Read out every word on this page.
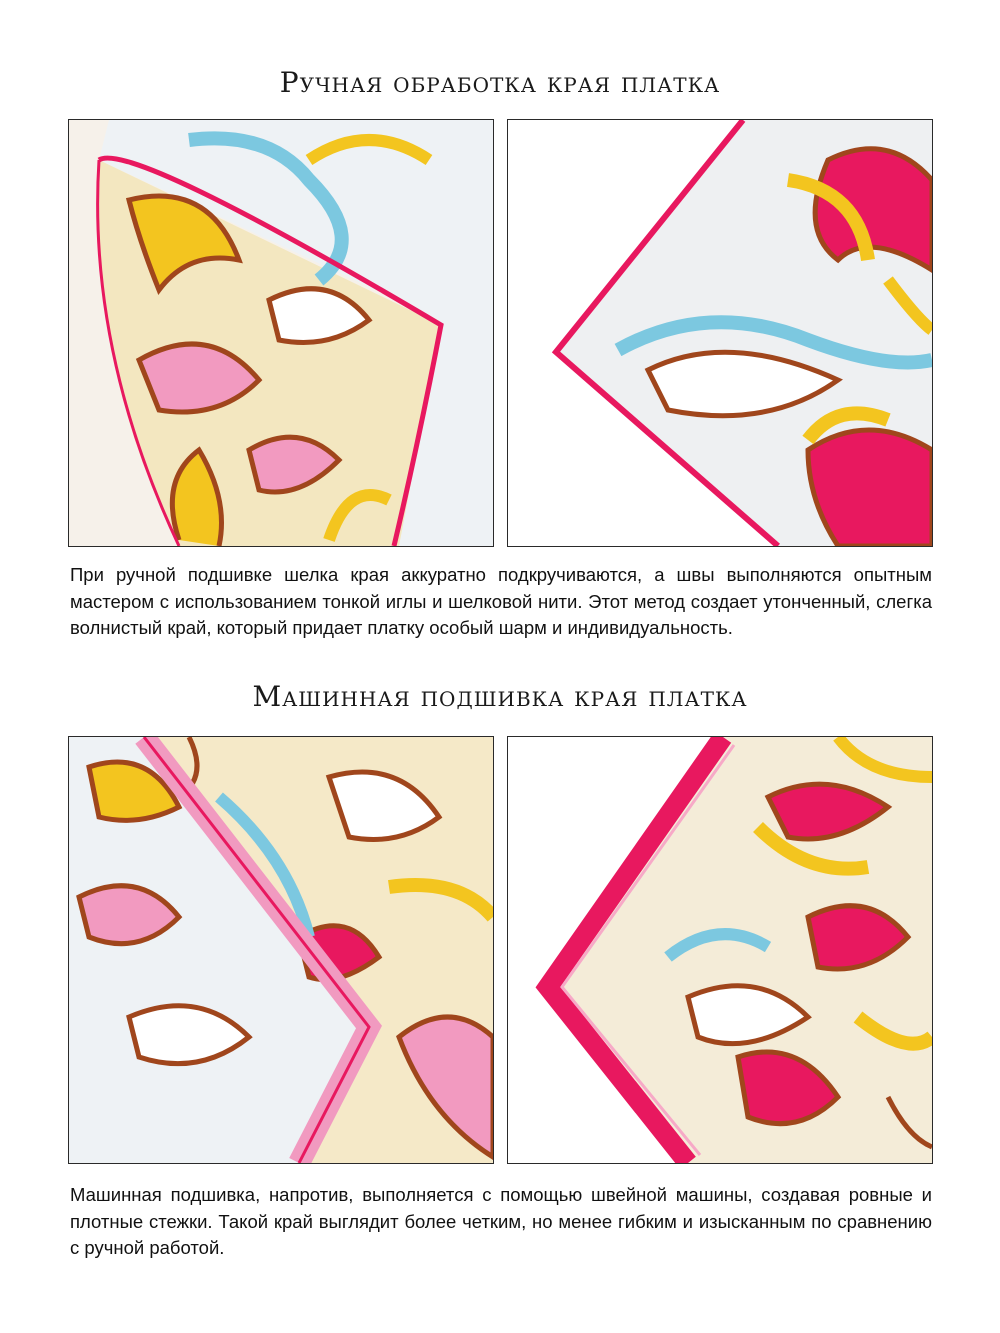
Ручная обработка края платка

При ручной подшивке шелка края аккуратно подкручиваются, а швы выполняются опытным мастером с использованием тонкой иглы и шелковой нити. Этот метод создает утонченный, слегка волнистый край, который придает платку особый шарм и индивидуальность.

Машинная подшивка края платка

Машинная подшивка, напротив, выполняется с помощью швейной машины, создавая ровные и плотные стежки. Такой край выглядит более четким, но менее гибким и изысканным по сравнению с ручной работой.
